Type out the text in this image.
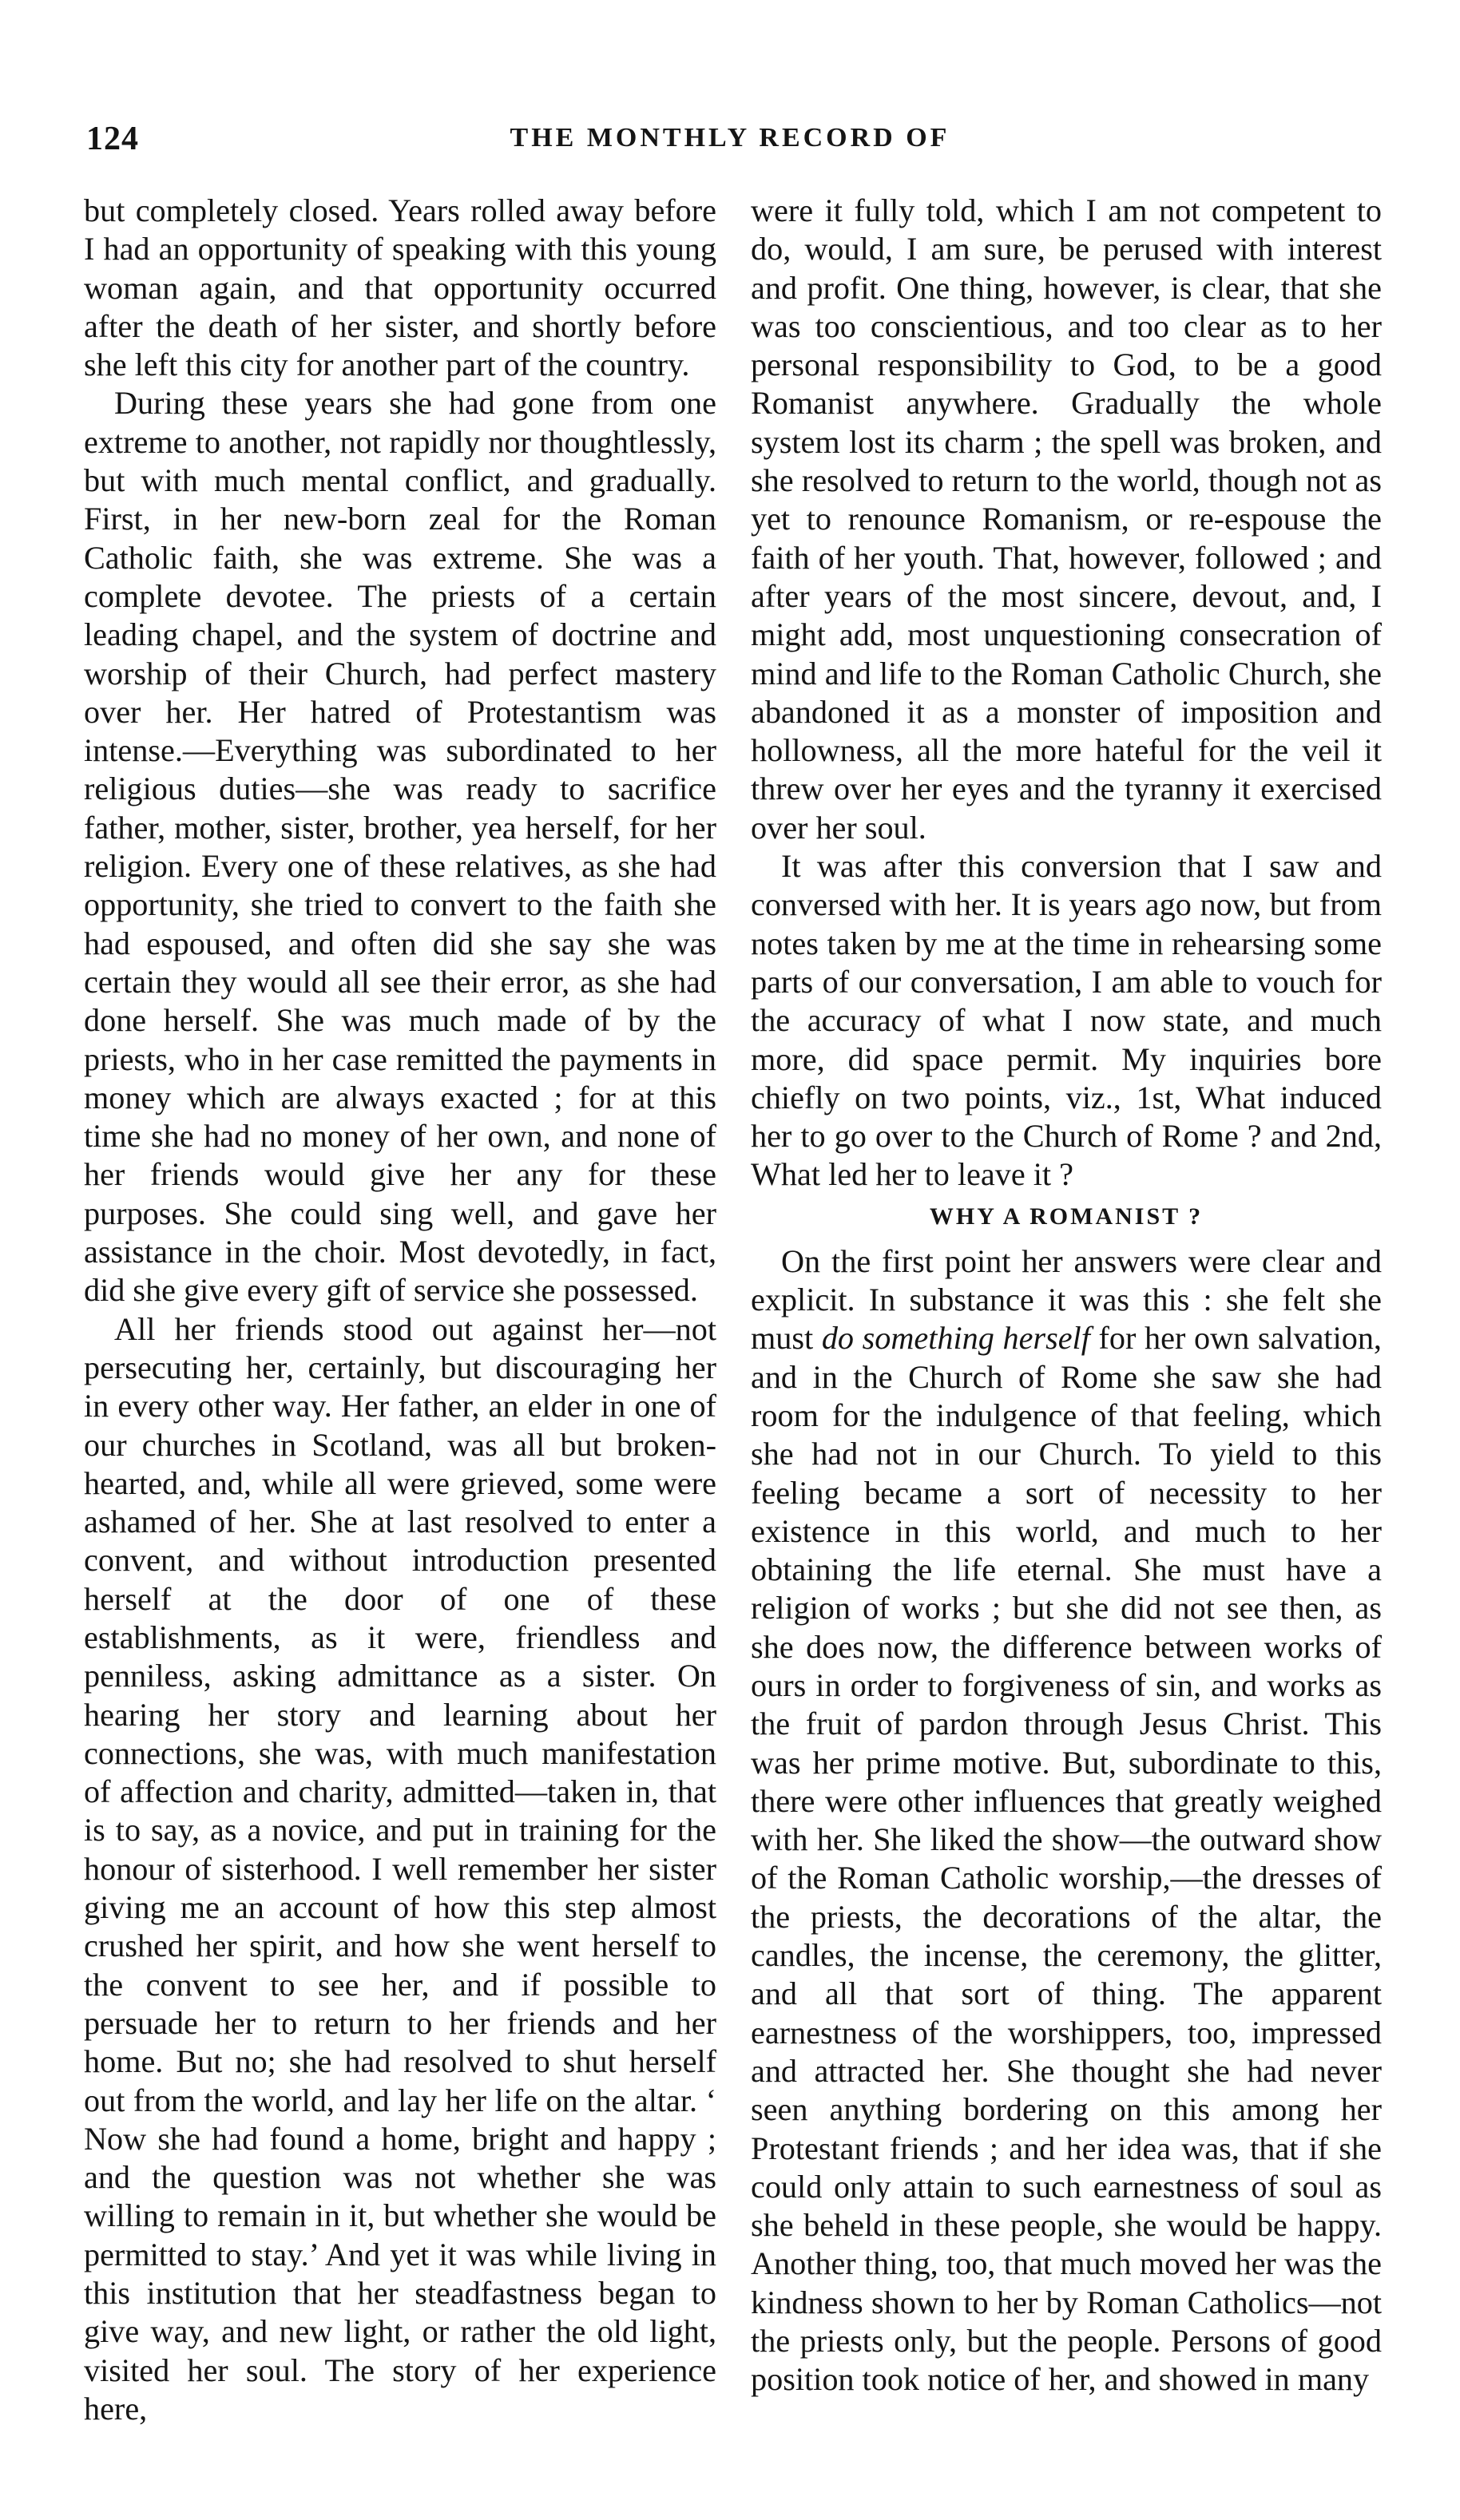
124	THE MONTHLY RECORD OF

but completely closed. Years rolled away before I had an opportunity of speaking with this young woman again, and that opportunity occurred after the death of her sister, and shortly before she left this city for another part of the country.

During these years she had gone from one extreme to another, not rapidly nor thoughtlessly, but with much mental conflict, and gradually. First, in her new-born zeal for the Roman Catholic faith, she was extreme. She was a complete devotee. The priests of a certain leading chapel, and the system of doctrine and worship of their Church, had perfect mastery over her. Her hatred of Protestantism was intense.—Everything was subordinated to her religious duties—she was ready to sacrifice father, mother, sister, brother, yea herself, for her religion. Every one of these relatives, as she had opportunity, she tried to convert to the faith she had espoused, and often did she say she was certain they would all see their error, as she had done herself. She was much made of by the priests, who in her case remitted the payments in money which are always exacted ; for at this time she had no money of her own, and none of her friends would give her any for these purposes. She could sing well, and gave her assistance in the choir. Most devotedly, in fact, did she give every gift of service she possessed.

All her friends stood out against her—not persecuting her, certainly, but discouraging her in every other way. Her father, an elder in one of our churches in Scotland, was all but broken-hearted, and, while all were grieved, some were ashamed of her. She at last resolved to enter a convent, and without introduction presented herself at the door of one of these establishments, as it were, friendless and penniless, asking admittance as a sister. On hearing her story and learning about her connections, she was, with much manifestation of affection and charity, admitted—taken in, that is to say, as a novice, and put in training for the honour of sisterhood. I well remember her sister giving me an account of how this step almost crushed her spirit, and how she went herself to the convent to see her, and if possible to persuade her to return to her friends and her home. But no; she had resolved to shut herself out from the world, and lay her life on the altar. ‘ Now she had found a home, bright and happy ; and the question was not whether she was willing to remain in it, but whether she would be permitted to stay.’ And yet it was while living in this institution that her steadfastness began to give way, and new light, or rather the old light, visited her soul. The story of her experience here,

were it fully told, which I am not competent to do, would, I am sure, be perused with interest and profit. One thing, however, is clear, that she was too conscientious, and too clear as to her personal responsibility to God, to be a good Romanist anywhere. Gradually the whole system lost its charm ; the spell was broken, and she resolved to return to the world, though not as yet to renounce Romanism, or re-espouse the faith of her youth. That, however, followed ; and after years of the most sincere, devout, and, I might add, most unquestioning consecration of mind and life to the Roman Catholic Church, she abandoned it as a monster of imposition and hollowness, all the more hateful for the veil it threw over her eyes and the tyranny it exercised over her soul.

It was after this conversion that I saw and conversed with her. It is years ago now, but from notes taken by me at the time in rehearsing some parts of our conversation, I am able to vouch for the accuracy of what I now state, and much more, did space permit. My inquiries bore chiefly on two points, viz., 1st, What induced her to go over to the Church of Rome ? and 2nd, What led her to leave it ?

WHY A ROMANIST ?

On the first point her answers were clear and explicit. In substance it was this : she felt she must do something herself for her own salvation, and in the Church of Rome she saw she had room for the indulgence of that feeling, which she had not in our Church. To yield to this feeling became a sort of necessity to her existence in this world, and much to her obtaining the life eternal. She must have a religion of works ; but she did not see then, as she does now, the difference between works of ours in order to forgiveness of sin, and works as the fruit of pardon through Jesus Christ. This was her prime motive. But, subordinate to this, there were other influences that greatly weighed with her. She liked the show—the outward show of the Roman Catholic worship,—the dresses of the priests, the decorations of the altar, the candles, the incense, the ceremony, the glitter, and all that sort of thing. The apparent earnestness of the worshippers, too, impressed and attracted her. She thought she had never seen anything bordering on this among her Protestant friends ; and her idea was, that if she could only attain to such earnestness of soul as she beheld in these people, she would be happy. Another thing, too, that much moved her was the kindness shown to her by Roman Catholics—not the priests only, but the people. Persons of good position took notice of her, and showed in many
